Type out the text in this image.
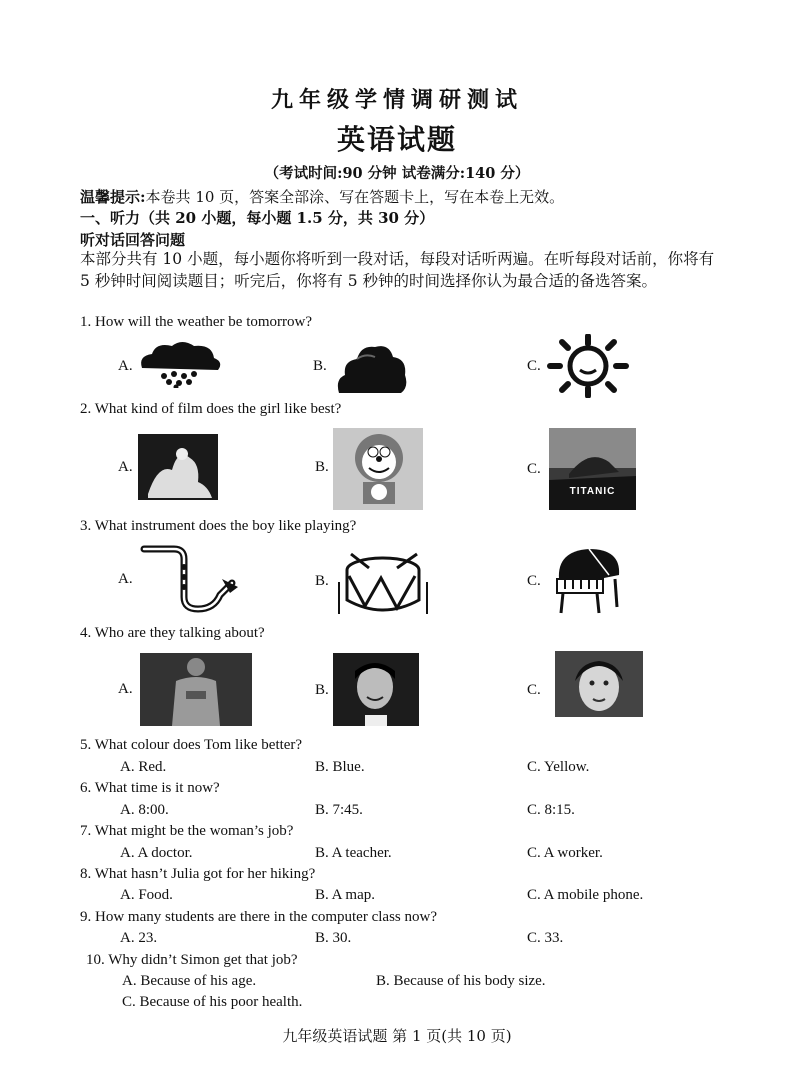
九年级学情调研测试
英语试题
（考试时间:90 分钟 试卷满分:140 分）
温馨提示:本卷共 10 页，答案全部涂、写在答题卡上，写在本卷上无效。
一、听力（共 20 小题，每小题 1.5 分，共 30 分）
听对话回答问题
本部分共有 10 小题，每小题你将听到一段对话，每段对话听两遍。在听每段对话前，你将有 5 秒钟时间阅读题目；听完后，你将有 5 秒钟的时间选择你认为最合适的备选答案。
1. How will the weather be tomorrow?
A.	B.	C.
2. What kind of film does the girl like best?
A.	B.	C.
TITANIC
3. What instrument does the boy like playing?
A.	B.	C.
4. Who are they talking about?
A.	B.	C.
5. What colour does Tom like better?
A. Red.	B. Blue.	C. Yellow.
6. What time is it now?
A. 8:00.	B. 7:45.	C. 8:15.
7. What might be the woman’s job?
A. A doctor.	B. A teacher.	C. A worker.
8. What hasn’t Julia got for her hiking?
A. Food.	B. A map.	C. A mobile phone.
9. How many students are there in the computer class now?
A. 23.	B. 30.	C. 33.
10. Why didn’t Simon get that job?
A. Because of his age.	B. Because of his body size.
C. Because of his poor health.
九年级英语试题 第 1 页(共 10 页)
